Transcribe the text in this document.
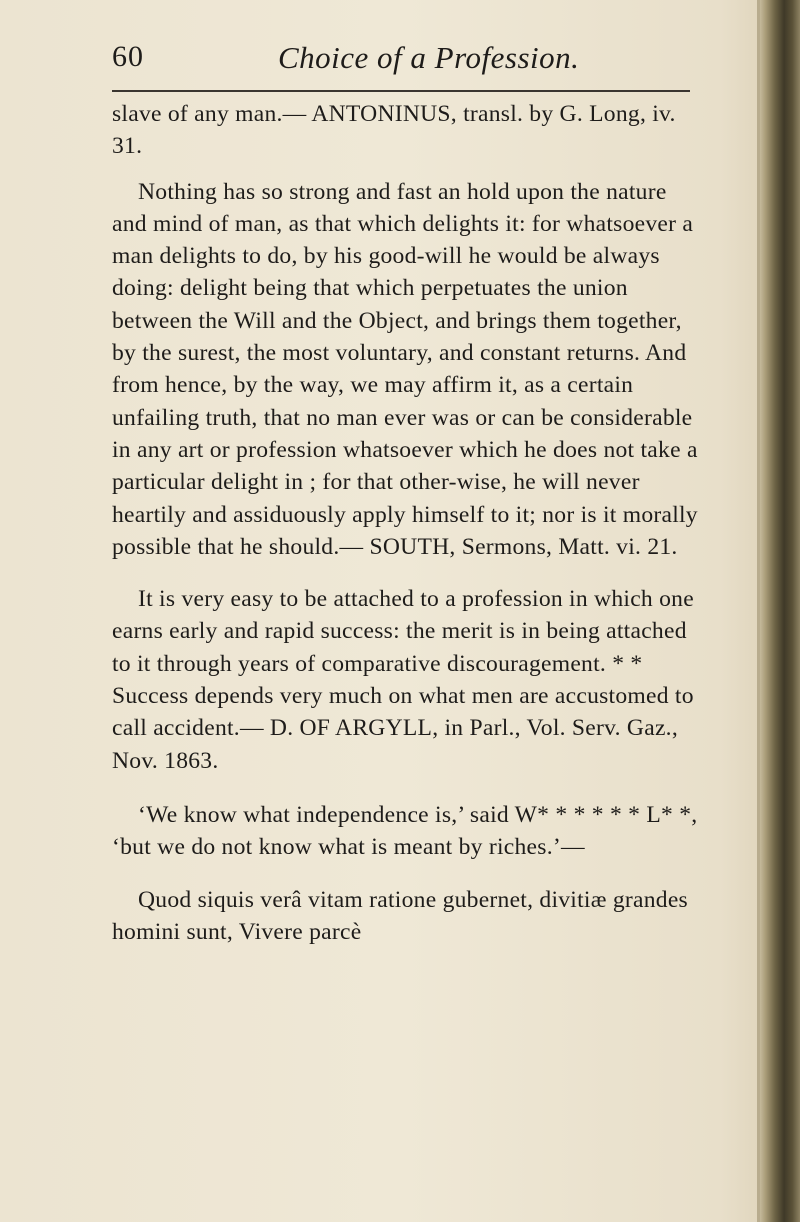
60	Choice of a Profession.

slave of any man.— ANTONINUS, transl. by G. Long, iv. 31.

Nothing has so strong and fast an hold upon the nature and mind of man, as that which delights it: for whatsoever a man delights to do, by his good-will he would be always doing: delight being that which perpetuates the union between the Will and the Object, and brings them together, by the surest, the most voluntary, and constant returns. And from hence, by the way, we may affirm it, as a certain unfailing truth, that no man ever was or can be considerable in any art or profession whatsoever which he does not take a particular delight in ; for that other-wise, he will never heartily and assiduously apply himself to it; nor is it morally possible that he should.— SOUTH, Sermons, Matt. vi. 21.

It is very easy to be attached to a profession in which one earns early and rapid success: the merit is in being attached to it through years of comparative discouragement. * * Success depends very much on what men are accustomed to call accident.— D. OF ARGYLL, in Parl., Vol. Serv. Gaz., Nov. 1863.

‘We know what independence is,’ said W* * * * * * L* *, ‘but we do not know what is meant by riches.’—

Quod siquis verâ vitam ratione gubernet, divitiæ grandes homini sunt, Vivere parcè
